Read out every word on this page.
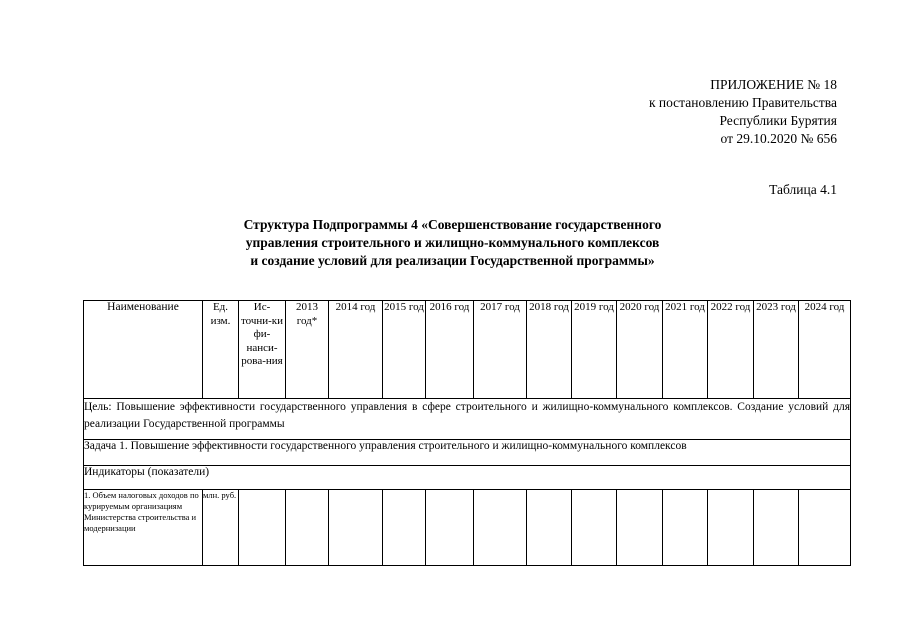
ПРИЛОЖЕНИЕ № 18
к постановлению Правительства
Республики Бурятия
от 29.10.2020 № 656
Таблица 4.1
Структура Подпрограммы 4 «Совершенствование государственного
управления строительного и жилищно-коммунального комплексов
и создание условий для реализации Государственной программы»
Наименование	Ед. изм.	Ис-точни-ки фи-нанси-рова-ния	2013 год*	2014 год	2015 год	2016 год	2017 год	2018 год	2019 год	2020 год	2021 год	2022 год	2023 год	2024 год
Цель: Повышение эффективности государственного управления в сфере строительного и жилищно-коммунального комплексов. Создание условий для реализации Государственной программы														
Задача 1. Повышение эффективности государственного управления строительного и жилищно-коммунального комплексов														
Индикаторы (показатели)														
1. Объем налоговых доходов по курируемым организациям Министерства строительства и модернизации	млн. руб.													
